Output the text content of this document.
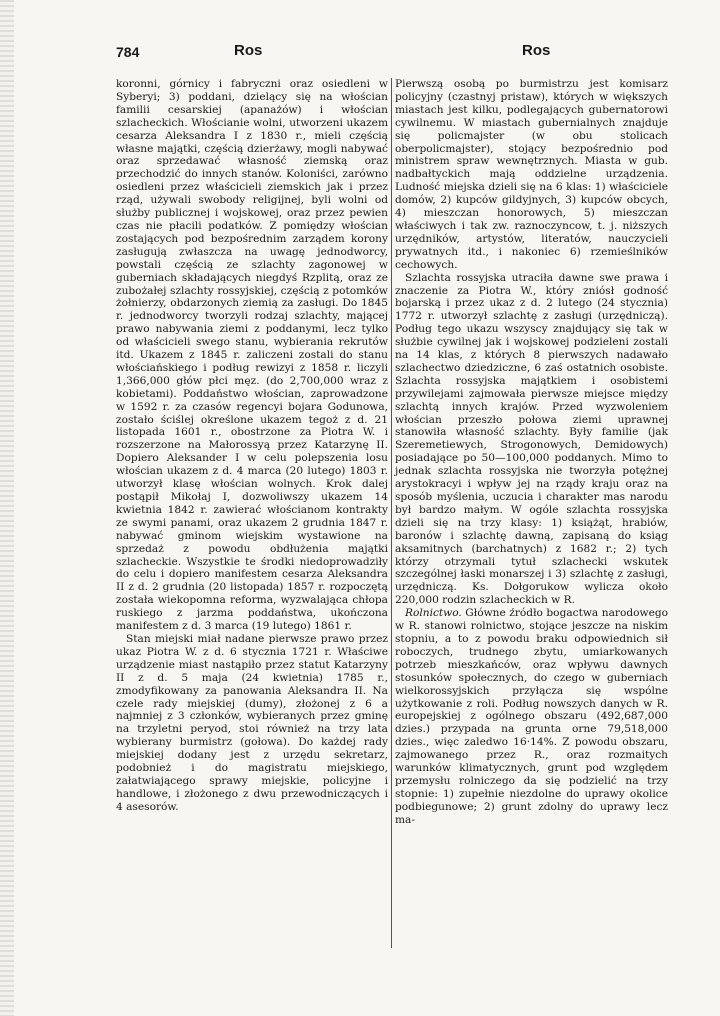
784	Ros	Ros

koronni, górnicy i fabryczni oraz osiedleni w Syberyi; 3) poddani, dzielący się na włościan familii cesarskiej (apanażów) i włościan szlacheckich. Włościanie wolni, utworzeni ukazem cesarza Aleksandra I z 1830 r., mieli częścią własne majątki, częścią dzierżawy, mogli nabywać oraz sprzedawać własność ziemską oraz przechodzić do innych stanów. Koloniści, zarówno osiedleni przez właścicieli ziemskich jak i przez rząd, używali swobody religijnej, byli wolni od służby publicznej i wojskowej, oraz przez pewien czas nie płacili podatków. Z pomiędzy włościan zostających pod bezpośrednim zarządem korony zasługują zwłaszcza na uwagę jednodworcy, powstali częścią ze szlachty zagonowej w guberniach składających niegdyś Rzplitą, oraz ze zubożałej szlachty rossyjskiej, częścią z potomków żołnierzy, obdarzonych ziemią za zasługi. Do 1845 r. jednodworcy tworzyli rodzaj szlachty, mającej prawo nabywania ziemi z poddanymi, lecz tylko od właścicieli swego stanu, wybierania rekrutów itd. Ukazem z 1845 r. zaliczeni zostali do stanu włościańskiego i podług rewizyi z 1858 r. liczyli 1,366,000 głów płci męz. (do 2,700,000 wraz z kobietami). Poddaństwo włościan, zaprowadzone w 1592 r. za czasów regencyi bojara Godunowa, zostało ściślej określone ukazem tegoż z d. 21 listopada 1601 r., obostrzone za Piotra W. i rozszerzone na Małorossyą przez Katarzynę II. Dopiero Aleksander I w celu polepszenia losu włościan ukazem z d. 4 marca (20 lutego) 1803 r. utworzył klasę włościan wolnych. Krok dalej postąpił Mikołaj I, dozwoliwszy ukazem 14 kwietnia 1842 r. zawierać włościanom kontrakty ze swymi panami, oraz ukazem 2 grudnia 1847 r. nabywać gminom wiejskim wystawione na sprzedaż z powodu obdłużenia majątki szlacheckie. Wszystkie te środki niedoprowadziły do celu i dopiero manifestem cesarza Aleksandra II z d. 2 grudnia (20 listopada) 1857 r. rozpoczętą została wiekopomna reforma, wyzwalająca chłopa ruskiego z jarzma poddaństwa, ukończona manifestem z d. 3 marca (19 lutego) 1861 r.

Stan miejski miał nadane pierwsze prawo przez ukaz Piotra W. z d. 6 stycznia 1721 r. Właściwe urządzenie miast nastąpiło przez statut Katarzyny II z d. 5 maja (24 kwietnia) 1785 r., zmodyfikowany za panowania Aleksandra II. Na czele rady miejskiej (dumy), złożonej z 6 a najmniej z 3 członków, wybieranych przez gminę na trzyletni peryod, stoi również na trzy lata wybierany burmistrz (gołowa). Do każdej rady miejskiej dodany jest z urzędu sekretarz, podobnież i do magistratu miejskiego, załatwiającego sprawy miejskie, policyjne i handlowe, i złożonego z dwu przewodniczących i 4 asesorów.

Pierwszą osobą po burmistrzu jest komisarz policyjny (czastnyj pristaw), których w większych miastach jest kilku, podlegających gubernatorowi cywilnemu. W miastach gubernialnych znajduje się policmajster (w obu stolicach oberpolicmajster), stojący bezpośrednio pod ministrem spraw wewnętrznych. Miasta w gub. nadbałtyckich mają oddzielne urządzenia. Ludność miejska dzieli się na 6 klas: 1) właściciele domów, 2) kupców gildyjnych, 3) kupców obcych, 4) mieszczan honorowych, 5) mieszczan właściwych i tak zw. raznoczyncow, t. j. niższych urzędników, artystów, literatów, nauczycieli prywatnych itd., i nakoniec 6) rzemieślników cechowych.

Szlachta rossyjska utraciła dawne swe prawa i znaczenie za Piotra W., który zniósł godność bojarską i przez ukaz z d. 2 lutego (24 stycznia) 1772 r. utworzył szlachtę z zasługi (urzędniczą). Podług tego ukazu wszyscy znajdujący się tak w służbie cywilnej jak i wojskowej podzieleni zostali na 14 klas, z których 8 pierwszych nadawało szlachectwo dziedziczne, 6 zaś ostatnich osobiste. Szlachta rossyjska majątkiem i osobistemi przywilejami zajmowała pierwsze miejsce między szlachtą innych krajów. Przed wyzwoleniem włościan przeszło połowa ziemi uprawnej stanowiła własność szlachty. Były familie (jak Szeremetiewych, Strogonowych, Demidowych) posiadające po 50—100,000 poddanych. Mimo to jednak szlachta rossyjska nie tworzyła potężnej arystokracyi i wpływ jej na rządy kraju oraz na sposób myślenia, uczucia i charakter mas narodu był bardzo małym. W ogóle szlachta rossyjska dzieli się na trzy klasy: 1) książąt, hrabiów, baronów i szlachtę dawną, zapisaną do ksiąg aksamitnych (barchatnych) z 1682 r.; 2) tych którzy otrzymali tytuł szlachecki wskutek szczególnej łaski monarszej i 3) szlachtę z zasługi, urzędniczą. Ks. Dołgorukow wylicza około 220,000 rodzin szlacheckich w R.

Rolnictwo. Główne źródło bogactwa narodowego w R. stanowi rolnictwo, stojące jeszcze na niskim stopniu, a to z powodu braku odpowiednich sił roboczych, trudnego zbytu, umiarkowanych potrzeb mieszkańców, oraz wpływu dawnych stosunków społecznych, do czego w guberniach wielkorossyjskich przyłącza się wspólne użytkowanie z roli. Podług nowszych danych w R. europejskiej z ogólnego obszaru (492,687,000 dzies.) przypada na grunta orne 79,518,000 dzies., więc zaledwo 16·14%. Z powodu obszaru, zajmowanego przez R., oraz rozmaitych warunków klimatycznych, grunt pod względem przemysłu rolniczego da się podzielić na trzy stopnie: 1) zupełnie niezdolne do uprawy okolice podbiegunowe; 2) grunt zdolny do uprawy lecz ma-
